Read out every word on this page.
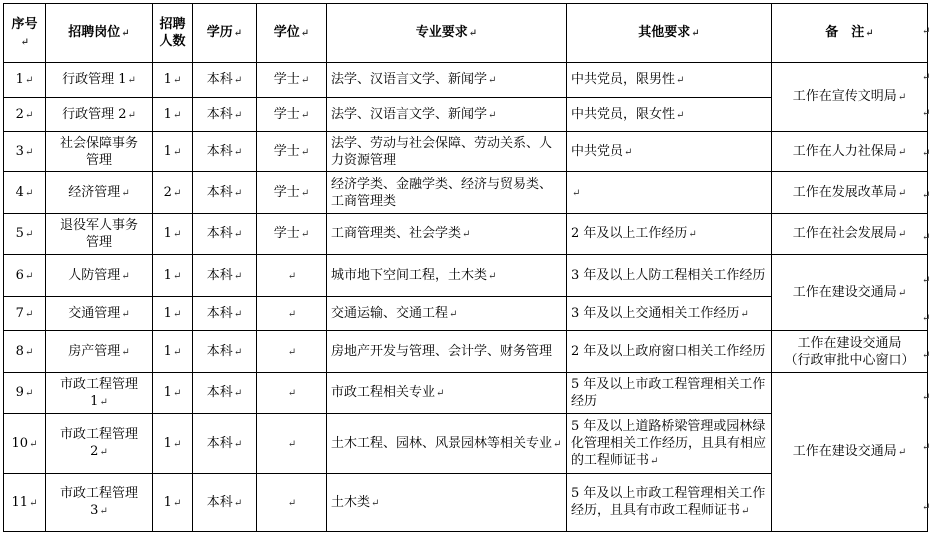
序号↵	招聘岗位↵	招聘人数	学历↵	学位↵	专业要求↵	其他要求↵	备　注↵
1↵	行政管理 1↵	1↵	本科↵	学士↵	法学、汉语言文学、新闻学↵	中共党员，限男性↵	工作在宣传文明局↵
2↵	行政管理 2↵	1↵	本科↵	学士↵	法学、汉语言文学、新闻学↵	中共党员，限女性↵	
3↵	社会保障事务管理	1↵	本科↵	学士↵	法学、劳动与社会保障、劳动关系、人力资源管理	中共党员↵	工作在人力社保局↵
4↵	经济管理↵	2↵	本科↵	学士↵	经济学类、金融学类、经济与贸易类、工商管理类	↵	工作在发展改革局↵
5↵	退役军人事务管理	1↵	本科↵	学士↵	工商管理类、社会学类↵	2 年及以上工作经历↵	工作在社会发展局↵
6↵	人防管理↵	1↵	本科↵	↵	城市地下空间工程，土木类↵	3 年及以上人防工程相关工作经历	工作在建设交通局↵
7↵	交通管理↵	1↵	本科↵	↵	交通运输、交通工程↵	3 年及以上交通相关工作经历↵	
8↵	房产管理↵	1↵	本科↵	↵	房地产开发与管理、会计学、财务管理	2 年及以上政府窗口相关工作经历	工作在建设交通局
（行政审批中心窗口）
9↵	市政工程管理 1↵	1↵	本科↵	↵	市政工程相关专业↵	5 年及以上市政工程管理相关工作经历	工作在建设交通局↵
10↵	市政工程管理 2↵	1↵	本科↵	↵	土木工程、园林、风景园林等相关专业↵	5 年及以上道路桥梁管理或园林绿化管理相关工作经历，且具有相应的工程师证书↵	
11↵	市政工程管理 3↵	1↵	本科↵	↵	土木类↵	5 年及以上市政工程管理相关工作经历，且具有市政工程师证书↵	
↵
↵
↵
↵
↵
↵
↵
↵
↵
↵
↵
↵
